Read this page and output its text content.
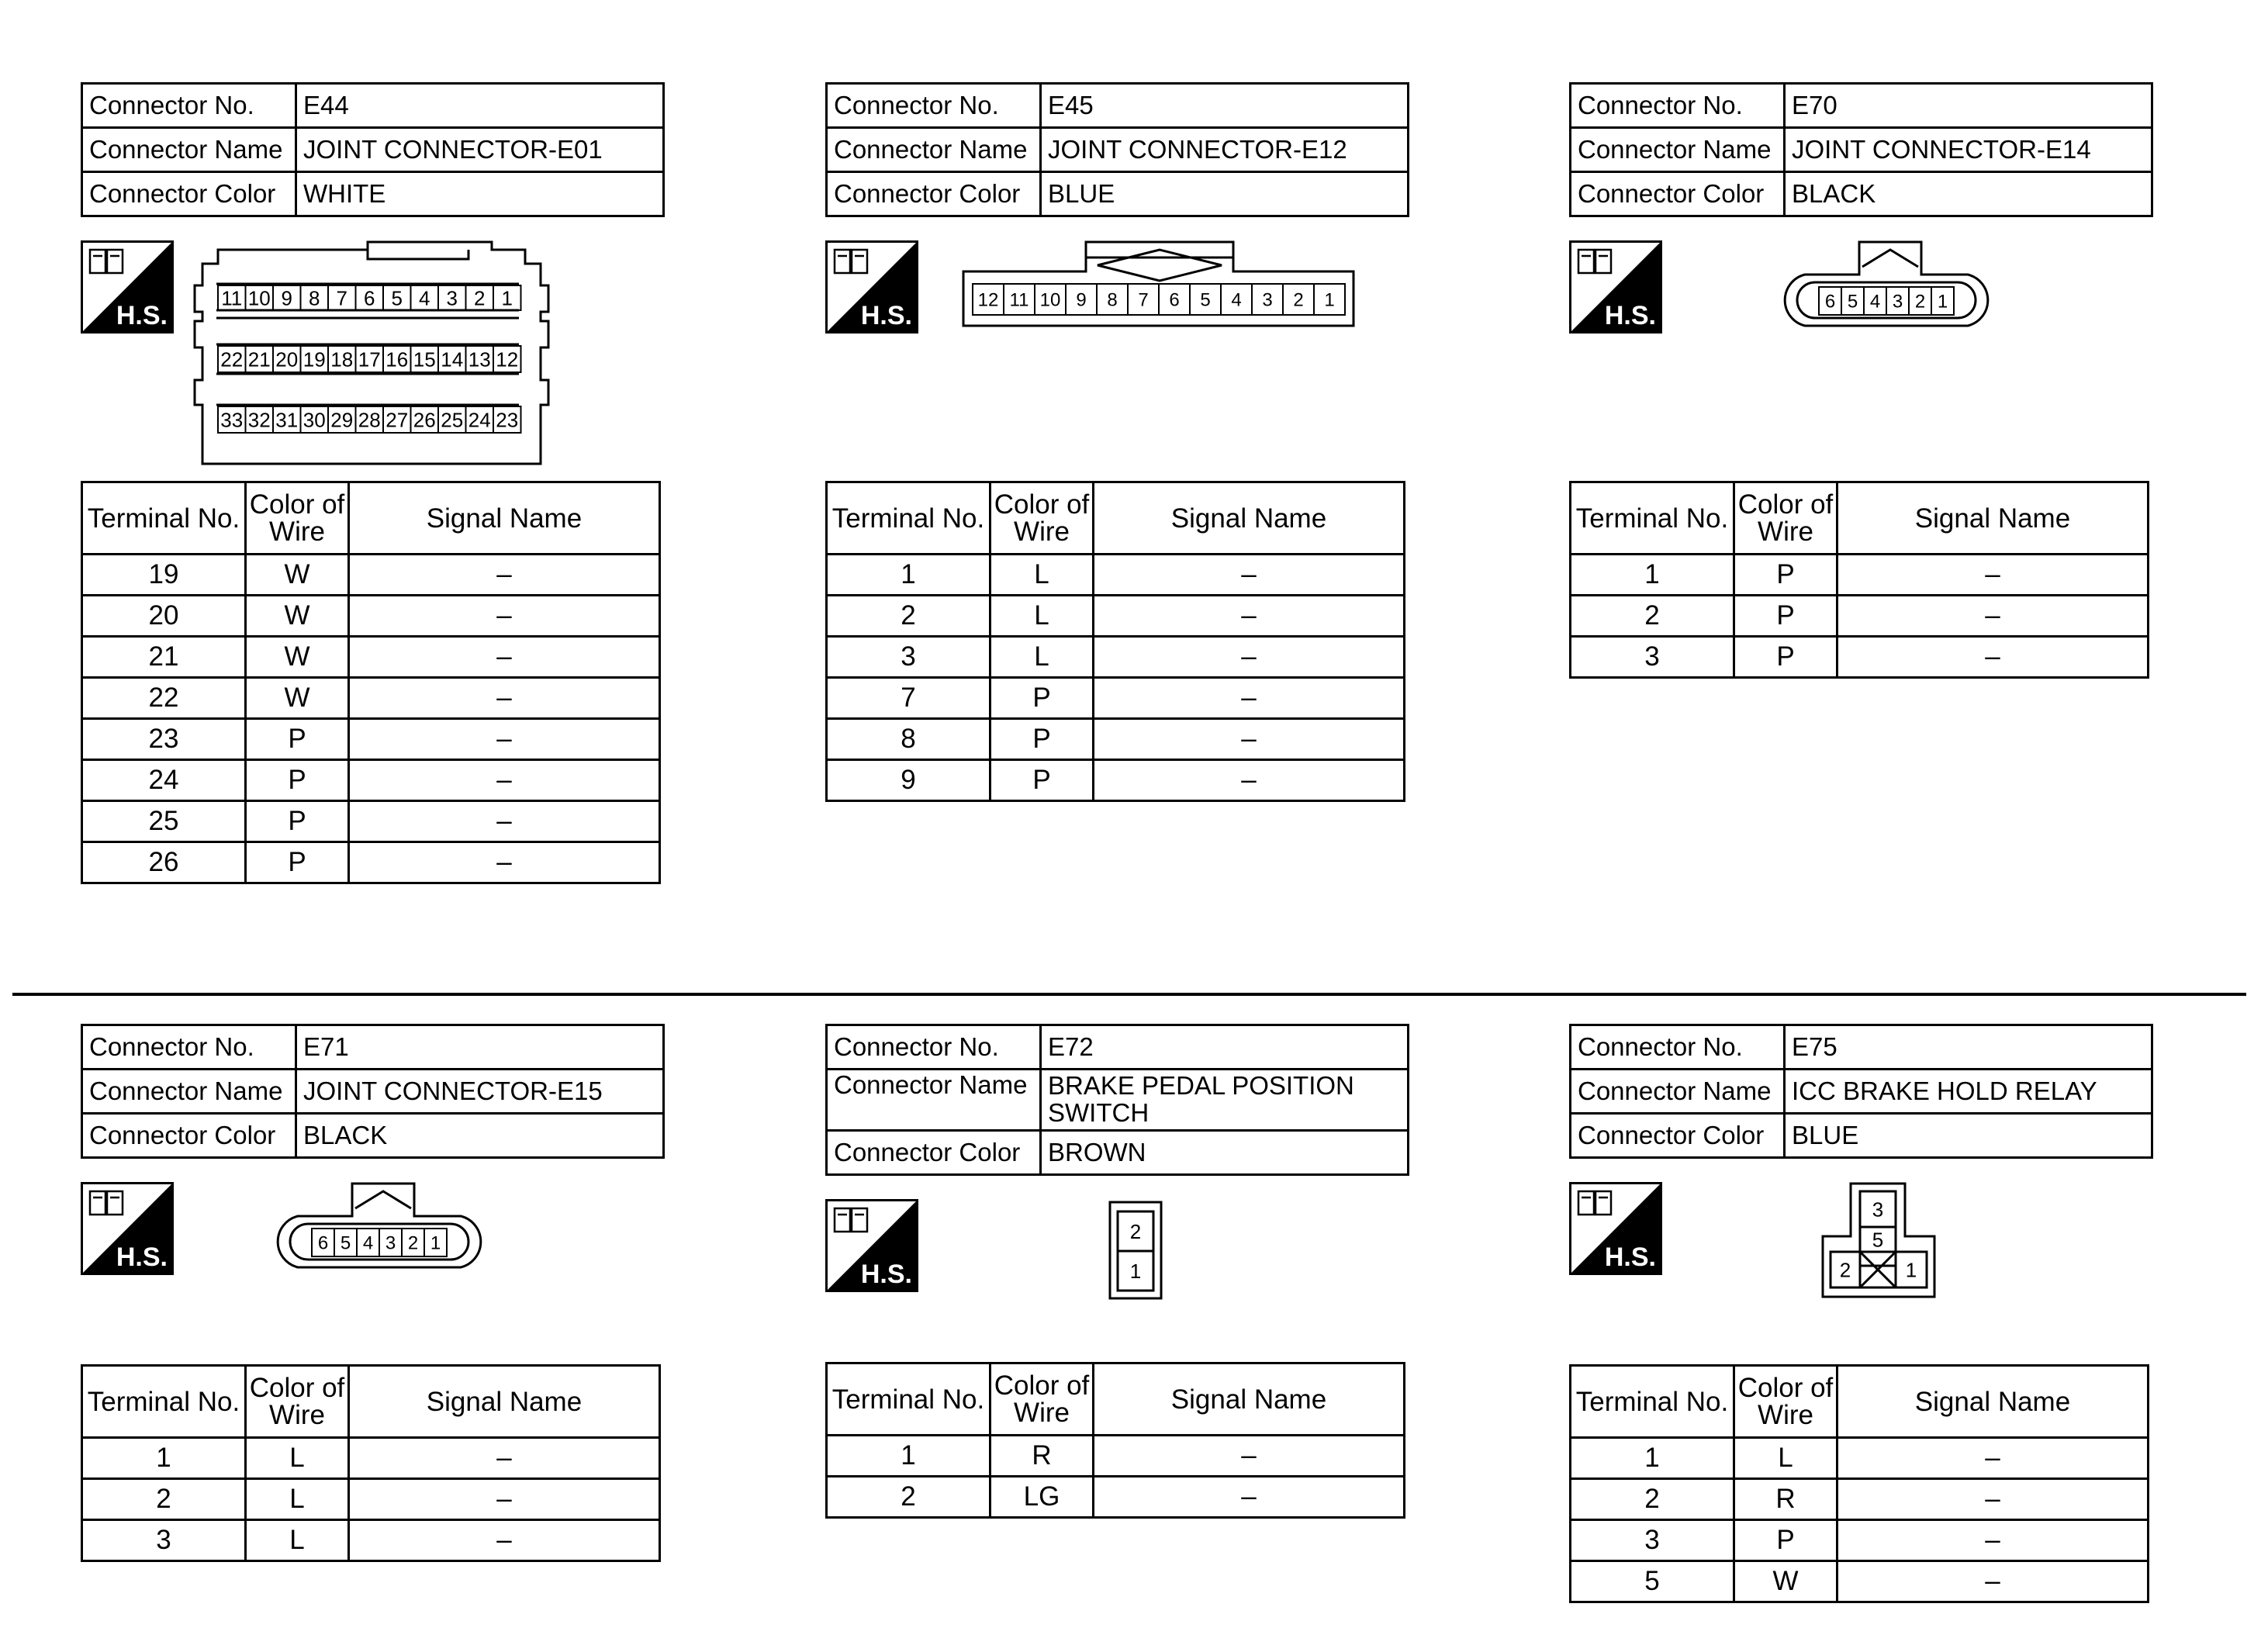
Connector No.	E44
Connector Name	JOINT CONNECTOR-E01
Connector Color	WHITE
H.S.
11 10 9 8 7 6 5 4 3 2 1
22 21 20 19 18 17 16 15 14 13 12
33 32 31 30 29 28 27 26 25 24 23
Terminal No.	Color of Wire	Signal Name
19	W	–
20	W	–
21	W	–
22	W	–
23	P	–
24	P	–
25	P	–
26	P	–
Connector No.	E45
Connector Name	JOINT CONNECTOR-E12
Connector Color	BLUE
H.S.
12 11 10 9 8 7 6 5 4 3 2 1
Terminal No.	Color of Wire	Signal Name
1	L	–
2	L	–
3	L	–
7	P	–
8	P	–
9	P	–
Connector No.	E70
Connector Name	JOINT CONNECTOR-E14
Connector Color	BLACK
H.S.	6 5 4 3 2 1
Terminal No.	Color of Wire	Signal Name
1	P	–
2	P	–
3	P	–
Connector No.	E71
Connector Name	JOINT CONNECTOR-E15
Connector Color	BLACK
H.S.	6 5 4 3 2 1
Terminal No.	Color of Wire	Signal Name
1	L	–
2	L	–
3	L	–
Connector No.	E72
Connector Name	BRAKE PEDAL POSITION SWITCH
Connector Color	BROWN
H.S.
2
1
Terminal No.	Color of Wire	Signal Name
1	R	–
2	LG	–
Connector No.	E75
Connector Name	ICC BRAKE HOLD RELAY
Connector Color	BLUE
H.S.
3
5
2	1
Terminal No.	Color of Wire	Signal Name
1	L	–
2	R	–
3	P	–
5	W	–
